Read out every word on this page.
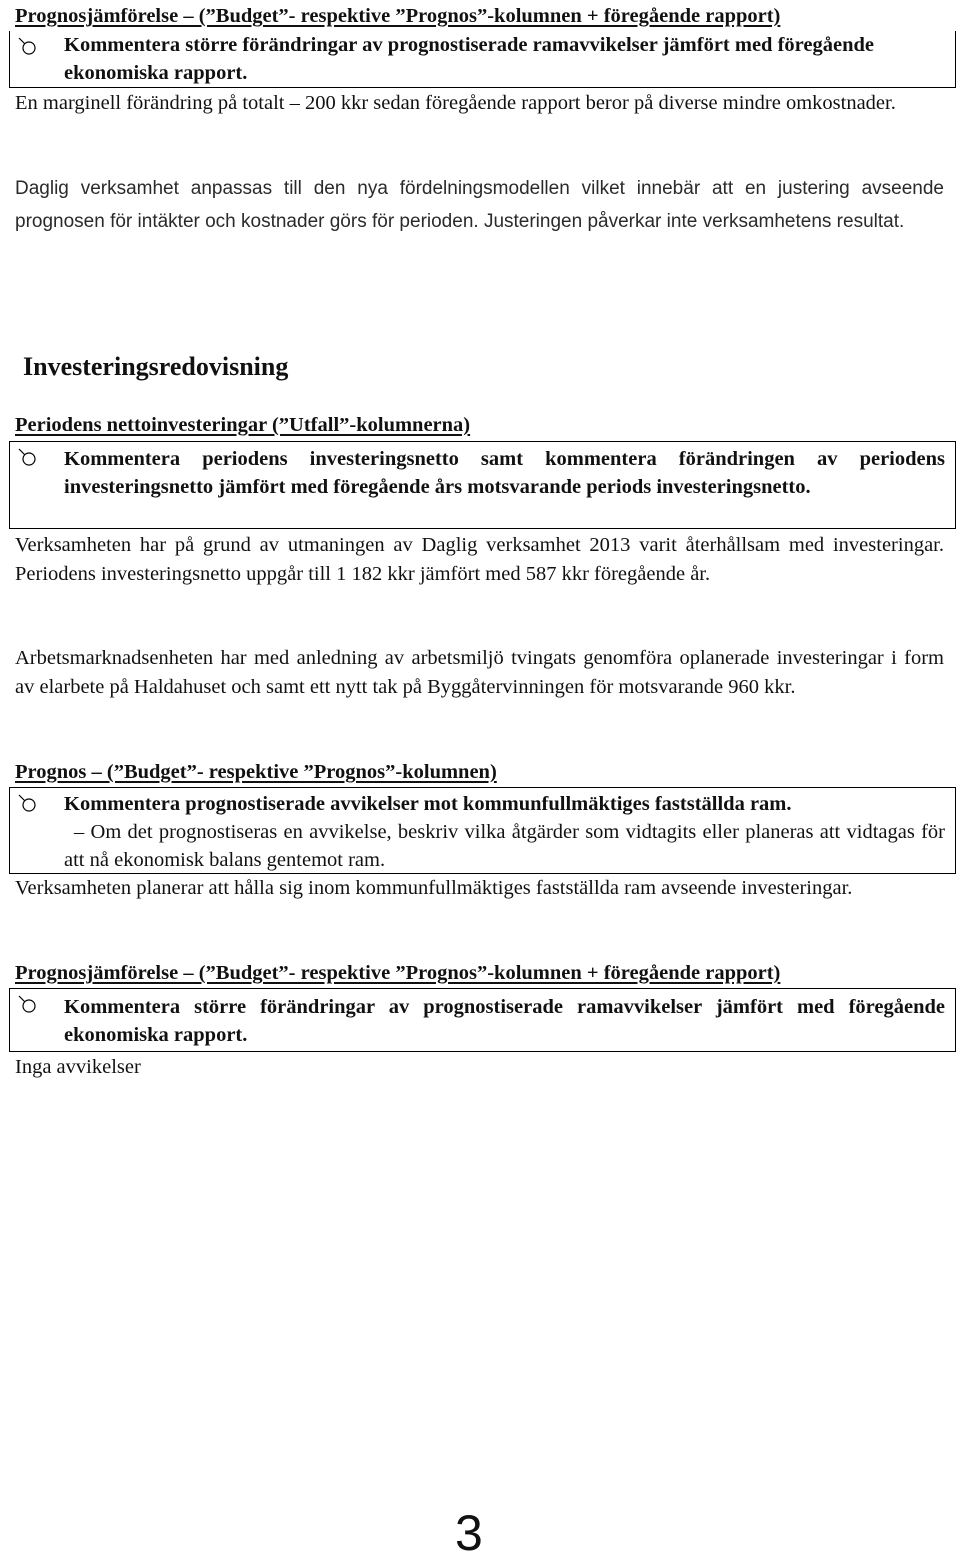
Prognosjämförelse – (”Budget”- respektive ”Prognos”-kolumnen + föregående rapport)
Kommentera större förändringar av prognostiserade ramavvikelser jämfört med föregående ekonomiska rapport.
En marginell förändring på totalt – 200 kkr sedan föregående rapport beror på diverse mindre omkostnader.
Daglig verksamhet anpassas till den nya fördelningsmodellen vilket innebär att en justering avseende prognosen för intäkter och kostnader görs för perioden. Justeringen påverkar inte verksamhetens resultat.
Investeringsredovisning
Periodens nettoinvesteringar (”Utfall”-kolumnerna)
Kommentera periodens investeringsnetto samt kommentera förändringen av periodens investeringsnetto jämfört med föregående års motsvarande periods investeringsnetto.
Verksamheten har på grund av utmaningen av Daglig verksamhet 2013 varit återhållsam med investeringar. Periodens investeringsnetto uppgår till 1 182 kkr jämfört med 587 kkr föregående år.
Arbetsmarknadsenheten har med anledning av arbetsmiljö tvingats genomföra oplanerade investeringar i form av elarbete på Haldahuset och samt ett nytt tak på Byggåtervinningen för motsvarande 960 kkr.
Prognos – (”Budget”- respektive ”Prognos”-kolumnen)
Kommentera prognostiserade avvikelser mot kommunfullmäktiges fastställda ram.
– Om det prognostiseras en avvikelse, beskriv vilka åtgärder som vidtagits eller planeras att vidtagas för att nå ekonomisk balans gentemot ram.
Verksamheten planerar att hålla sig inom kommunfullmäktiges fastställda ram avseende investeringar.
Prognosjämförelse – (”Budget”- respektive ”Prognos”-kolumnen + föregående rapport)
Kommentera större förändringar av prognostiserade ramavvikelser jämfört med föregående ekonomiska rapport.
Inga avvikelser
3
